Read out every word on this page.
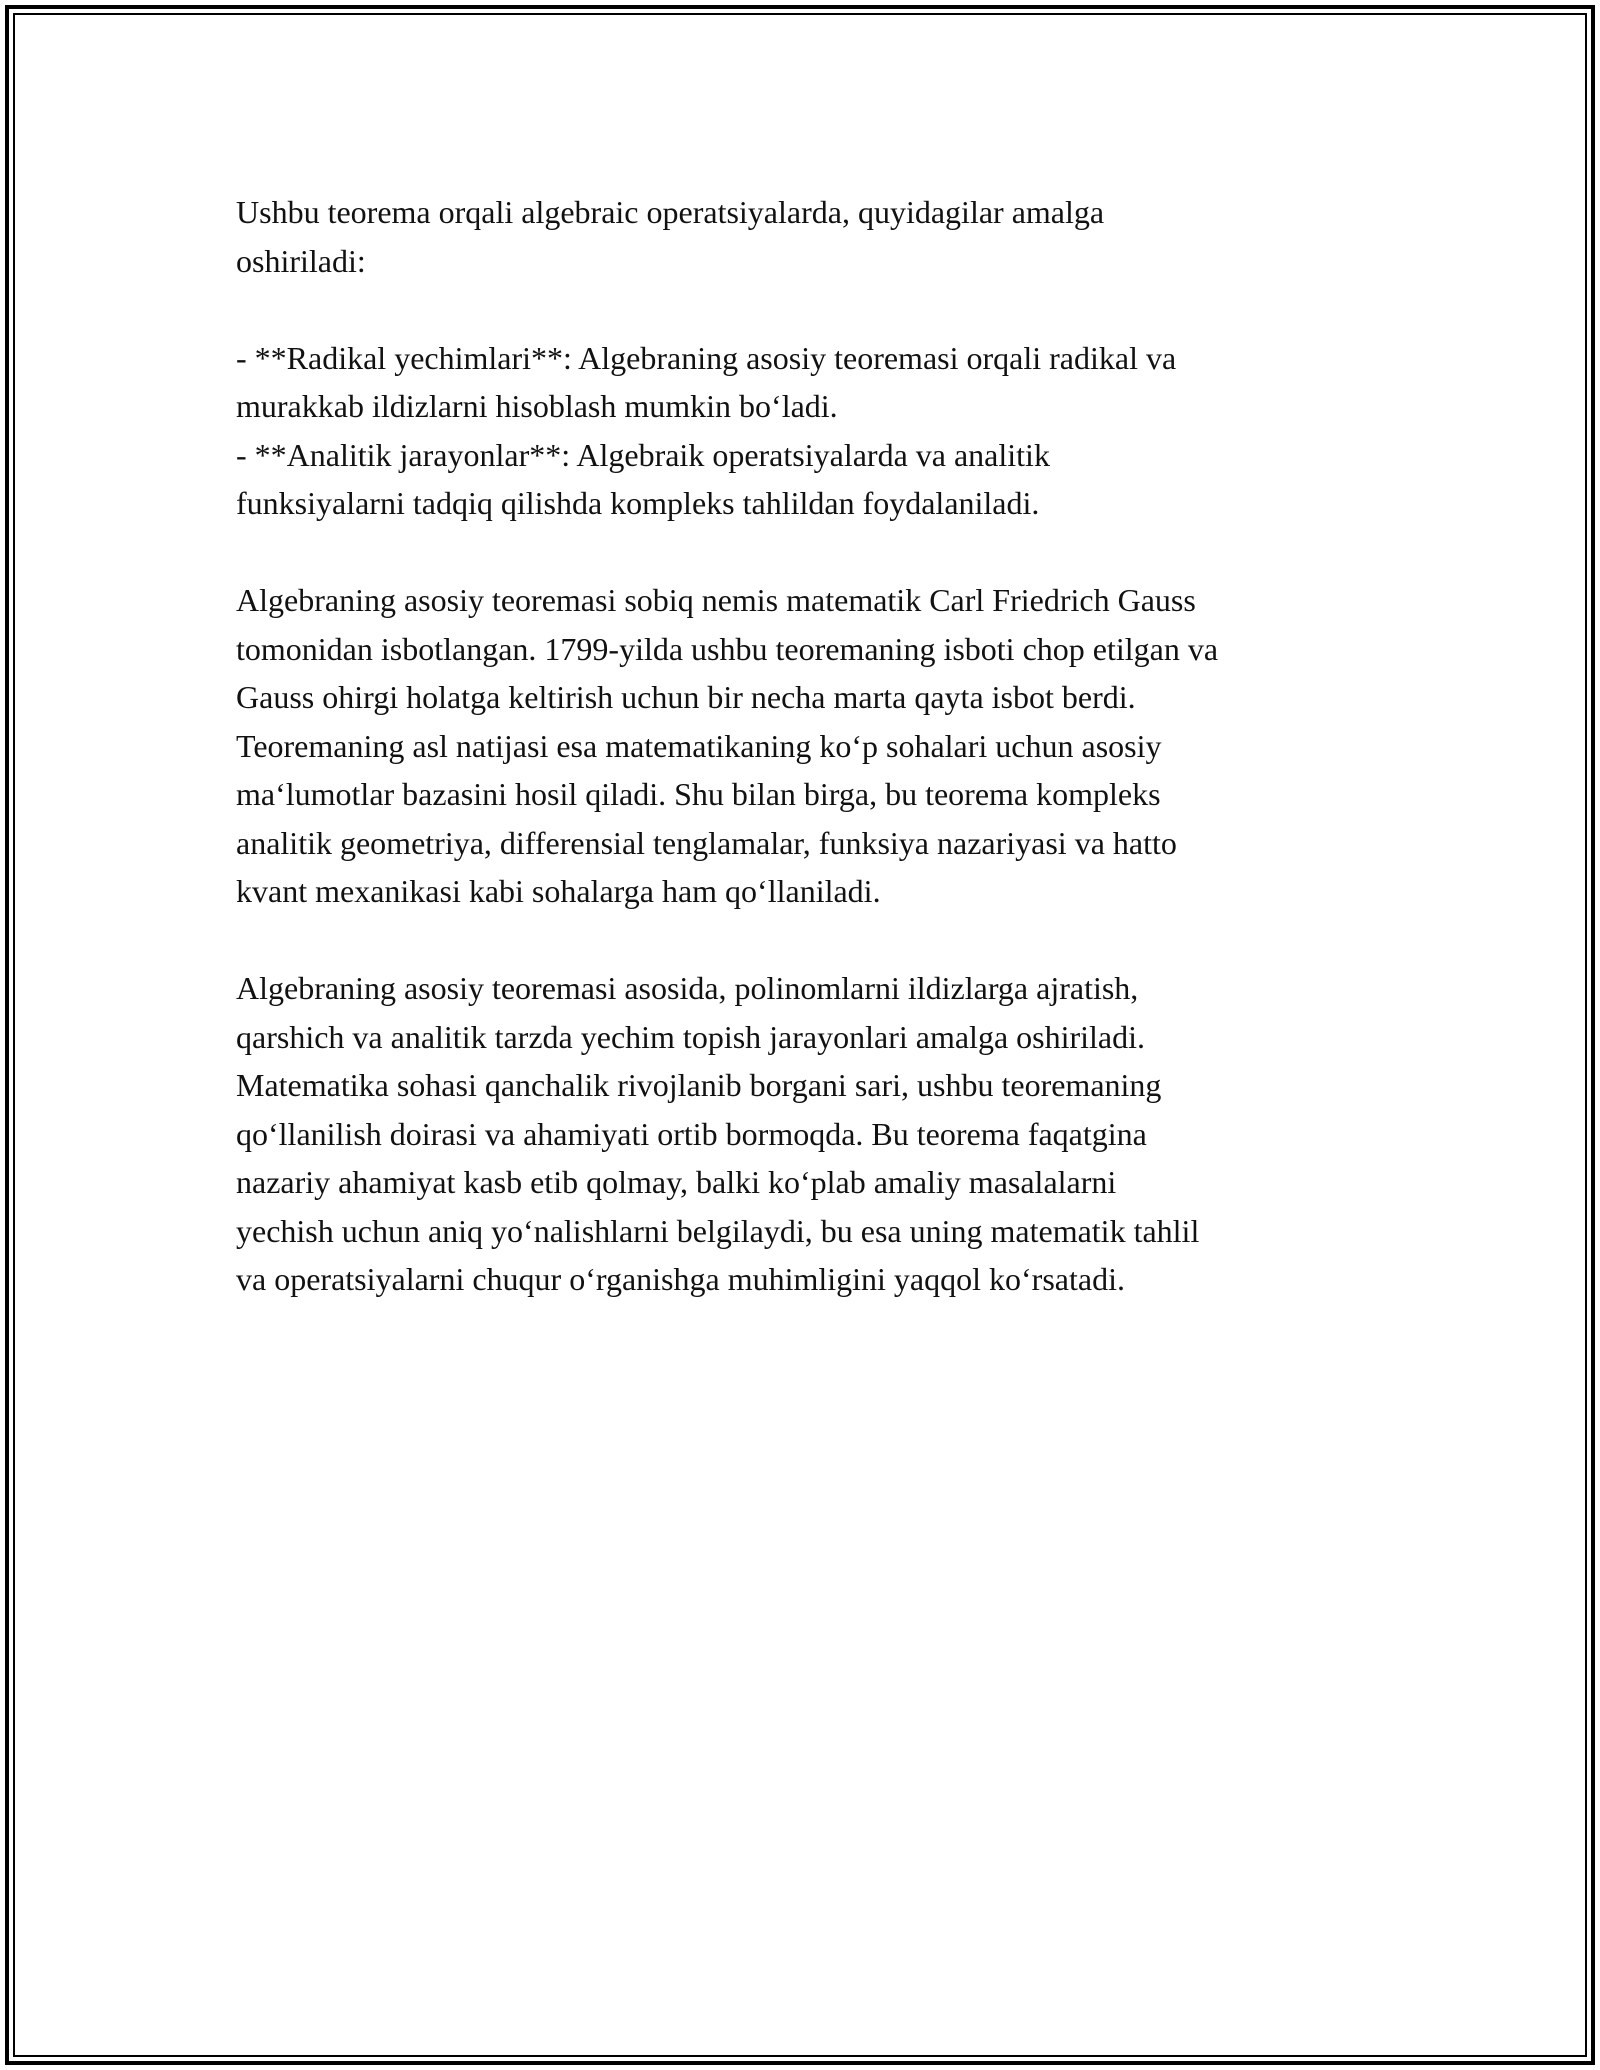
Ushbu teorema orqali algebraic operatsiyalarda, quyidagilar amalga

oshiriladi:

- **Radikal yechimlari**: Algebraning asosiy teoremasi orqali radikal va

murakkab ildizlarni hisoblash mumkin bo‘ladi.

- **Analitik jarayonlar**: Algebraik operatsiyalarda va analitik

funksiyalarni tadqiq qilishda kompleks tahlildan foydalaniladi.

Algebraning asosiy teoremasi sobiq nemis matematik Carl Friedrich Gauss

tomonidan isbotlangan. 1799-yilda ushbu teoremaning isboti chop etilgan va

Gauss ohirgi holatga keltirish uchun bir necha marta qayta isbot berdi.

Teoremaning asl natijasi esa matematikaning ko‘p sohalari uchun asosiy

ma‘lumotlar bazasini hosil qiladi. Shu bilan birga, bu teorema kompleks

analitik geometriya, differensial tenglamalar, funksiya nazariyasi va hatto

kvant mexanikasi kabi sohalarga ham qo‘llaniladi.

Algebraning asosiy teoremasi asosida, polinomlarni ildizlarga ajratish,

qarshich va analitik tarzda yechim topish jarayonlari amalga oshiriladi.

Matematika sohasi qanchalik rivojlanib borgani sari, ushbu teoremaning

qo‘llanilish doirasi va ahamiyati ortib bormoqda. Bu teorema faqatgina

nazariy ahamiyat kasb etib qolmay, balki ko‘plab amaliy masalalarni

yechish uchun aniq yo‘nalishlarni belgilaydi, bu esa uning matematik tahlil

va operatsiyalarni chuqur o‘rganishga muhimligini yaqqol ko‘rsatadi.
